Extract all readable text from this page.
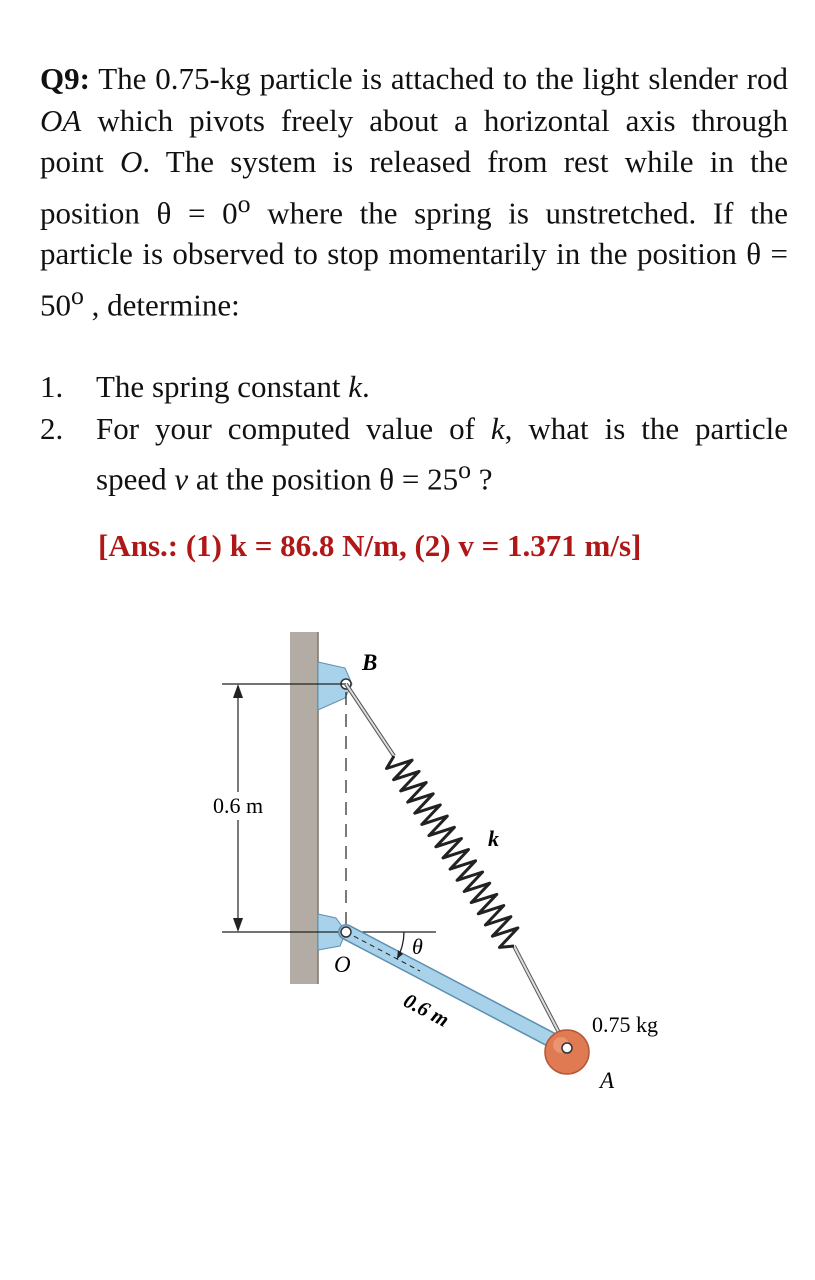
Q9: The 0.75-kg particle is attached to the light slender rod OA which pivots freely about a horizontal axis through point O. The system is released from rest while in the position $\theta = 0^o$ where the spring is unstretched. If the particle is observed to stop momentarily in the position $\theta = 50^o$ , determine:
1. The spring constant k.
2. For your computed value of k, what is the particle speed v at the position $\theta = 25^o$ ?
[Ans.: (1) k = 86.8 N/m, (2) v = 1.371 m/s]
0.6 m
θ
k
B
O
A
0.75 kg
0.6 m
